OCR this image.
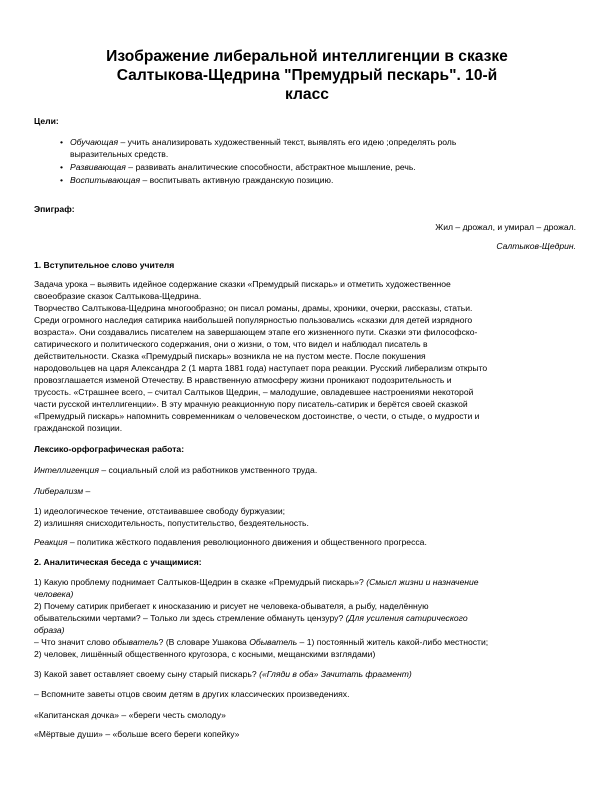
Изображение либеральной интеллигенции в сказке
Салтыкова-Щедрина "Премудрый пескарь". 10-й
класс
Цели:
• Обучающая – учить анализировать художественный текст, выявлять его идею ;определять роль
выразительных средств.
• Развивающая – развивать аналитические способности, абстрактное мышление, речь.
• Воспитывающая – воспитывать активную гражданскую позицию.
Эпиграф:
Жил – дрожал, и умирал – дрожал.
Салтыков-Щедрин.
1. Вступительное слово учителя
Задача урока – выявить идейное содержание сказки «Премудрый пискарь» и отметить художественное
своеобразие сказок Салтыкова-Щедрина.
Творчество Салтыкова-Щедрина многообразно; он писал романы, драмы, хроники, очерки, рассказы, статьи.
Среди огромного наследия сатирика наибольшей популярностью пользовались «сказки для детей изрядного
возраста». Они создавались писателем на завершающем этапе его жизненного пути. Сказки эти философско-
сатирического и политического содержания, они о жизни, о том, что видел и наблюдал писатель в
действительности. Сказка «Премудрый пискарь» возникла не на пустом месте. После покушения
народовольцев на царя Александра 2 (1 марта 1881 года) наступает пора реакции. Русский либерализм открыто
провозглашается изменой Отечеству. В нравственную атмосферу жизни проникают подозрительность и
трусость. «Страшнее всего, – считал Салтыков Щедрин, – малодушие, овладевшее настроениями некоторой
части русской интеллигенции». В эту мрачную реакционную пору писатель-сатирик и берётся своей сказкой
«Премудрый пискарь» напомнить современникам о человеческом достоинстве, о чести, о стыде, о мудрости и
гражданской позиции.
Лексико-орфографическая работа:
Интеллигенция – социальный слой из работников умственного труда.
Либерализм –
1) идеологическое течение, отстаивавшее свободу буржуазии;
2) излишняя снисходительность, попустительство, бездеятельность.
Реакция – политика жёсткого подавления революционного движения и общественного прогресса.
2. Аналитическая беседа с учащимися:
1) Какую проблему поднимает Салтыков-Щедрин в сказке «Премудрый пискарь»? (Смысл жизни и назначение
человека)
2) Почему сатирик прибегает к иносказанию и рисует не человека-обывателя, а рыбу, наделённую
обывательскими чертами? – Только ли здесь стремление обмануть цензуру? (Для усиления сатирического
образа)
– Что значит слово обыватель? (В словаре Ушакова Обыватель – 1) постоянный житель какой-либо местности;
2) человек, лишённый общественного кругозора, с косными, мещанскими взглядами)
3) Какой завет оставляет своему сыну старый пискарь? («Гляди в оба» Зачитать фрагмент)
– Вспомните заветы отцов своим детям в других классических произведениях.
«Капитанская дочка» – «береги честь смолоду»
«Мёртвые души» – «больше всего береги копейку»
